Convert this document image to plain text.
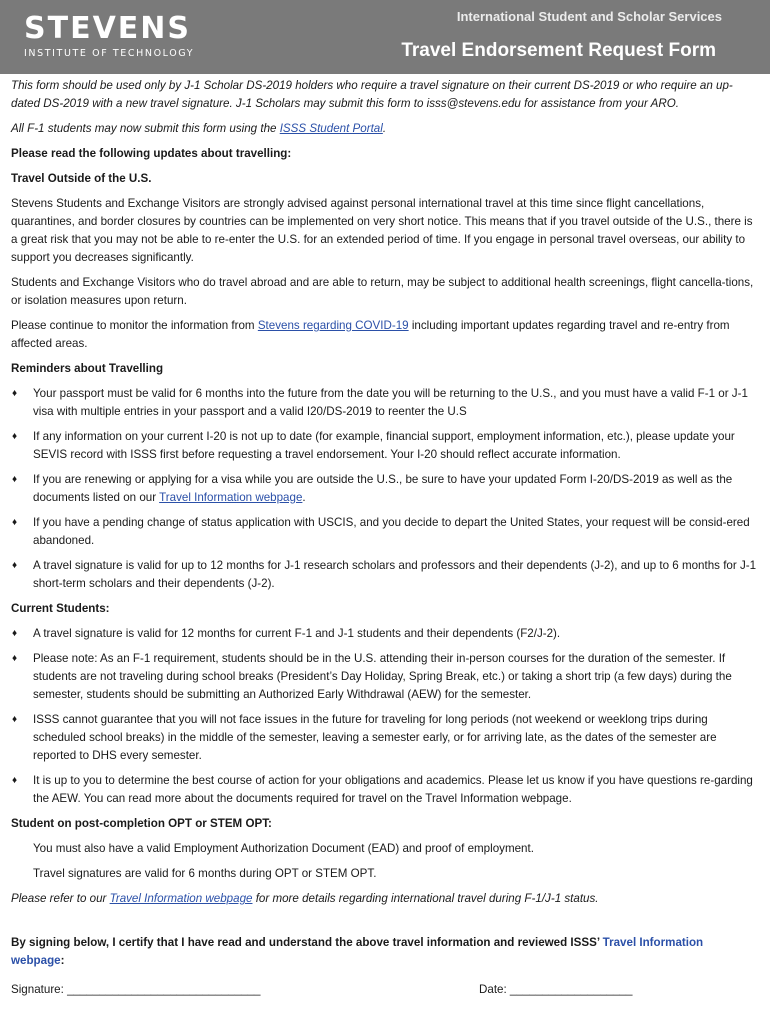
STEVENS
INSTITUTE OF TECHNOLOGY
International Student and Scholar Services
Travel Endorsement Request Form

This form should be used only by J-1 Scholar DS-2019 holders who require a travel signature on their current DS-2019 or who require an up-dated DS-2019 with a new travel signature. J-1 Scholars may submit this form to isss@stevens.edu for assistance from your ARO.

All F-1 students may now submit this form using the ISSS Student Portal.

Please read the following updates about travelling:

Travel Outside of the U.S.

Stevens Students and Exchange Visitors are strongly advised against personal international travel at this time since flight cancellations, quarantines, and border closures by countries can be implemented on very short notice. This means that if you travel outside of the U.S., there is a great risk that you may not be able to re-enter the U.S. for an extended period of time. If you engage in personal travel overseas, our ability to support you decreases significantly.

Students and Exchange Visitors who do travel abroad and are able to return, may be subject to additional health screenings, flight cancella-tions, or isolation measures upon return.

Please continue to monitor the information from Stevens regarding COVID-19 including important updates regarding travel and re-entry from affected areas.

Reminders about Travelling

♦ Your passport must be valid for 6 months into the future from the date you will be returning to the U.S., and you must have a valid F-1 or J-1 visa with multiple entries in your passport and a valid I20/DS-2019 to reenter the U.S
♦ If any information on your current I-20 is not up to date (for example, financial support, employment information, etc.), please update your SEVIS record with ISSS first before requesting a travel endorsement. Your I-20 should reflect accurate information.
♦ If you are renewing or applying for a visa while you are outside the U.S., be sure to have your updated Form I-20/DS-2019 as well as the documents listed on our Travel Information webpage.
♦ If you have a pending change of status application with USCIS, and you decide to depart the United States, your request will be consid-ered abandoned.
♦ A travel signature is valid for up to 12 months for J-1 research scholars and professors and their dependents (J-2), and up to 6 months for J-1 short-term scholars and their dependents (J-2).

Current Students:

♦ A travel signature is valid for 12 months for current F-1 and J-1 students and their dependents (F2/J-2).
♦ Please note: As an F-1 requirement, students should be in the U.S. attending their in-person courses for the duration of the semester. If students are not traveling during school breaks (President’s Day Holiday, Spring Break, etc.) or taking a short trip (a few days) during the semester, students should be submitting an Authorized Early Withdrawal (AEW) for the semester.
♦ ISSS cannot guarantee that you will not face issues in the future for traveling for long periods (not weekend or weeklong trips during scheduled school breaks) in the middle of the semester, leaving a semester early, or for arriving late, as the dates of the semester are reported to DHS every semester.
♦ It is up to you to determine the best course of action for your obligations and academics. Please let us know if you have questions re-garding the AEW. You can read more about the documents required for travel on the Travel Information webpage.

Student on post-completion OPT or STEM OPT:

You must also have a valid Employment Authorization Document (EAD) and proof of employment.

Travel signatures are valid for 6 months during OPT or STEM OPT.

Please refer to our Travel Information webpage for more details regarding international travel during F-1/J-1 status.

By signing below, I certify that I have read and understand the above travel information and reviewed ISSS’ Travel Information webpage:

Signature: ______________________________	Date: ___________________
